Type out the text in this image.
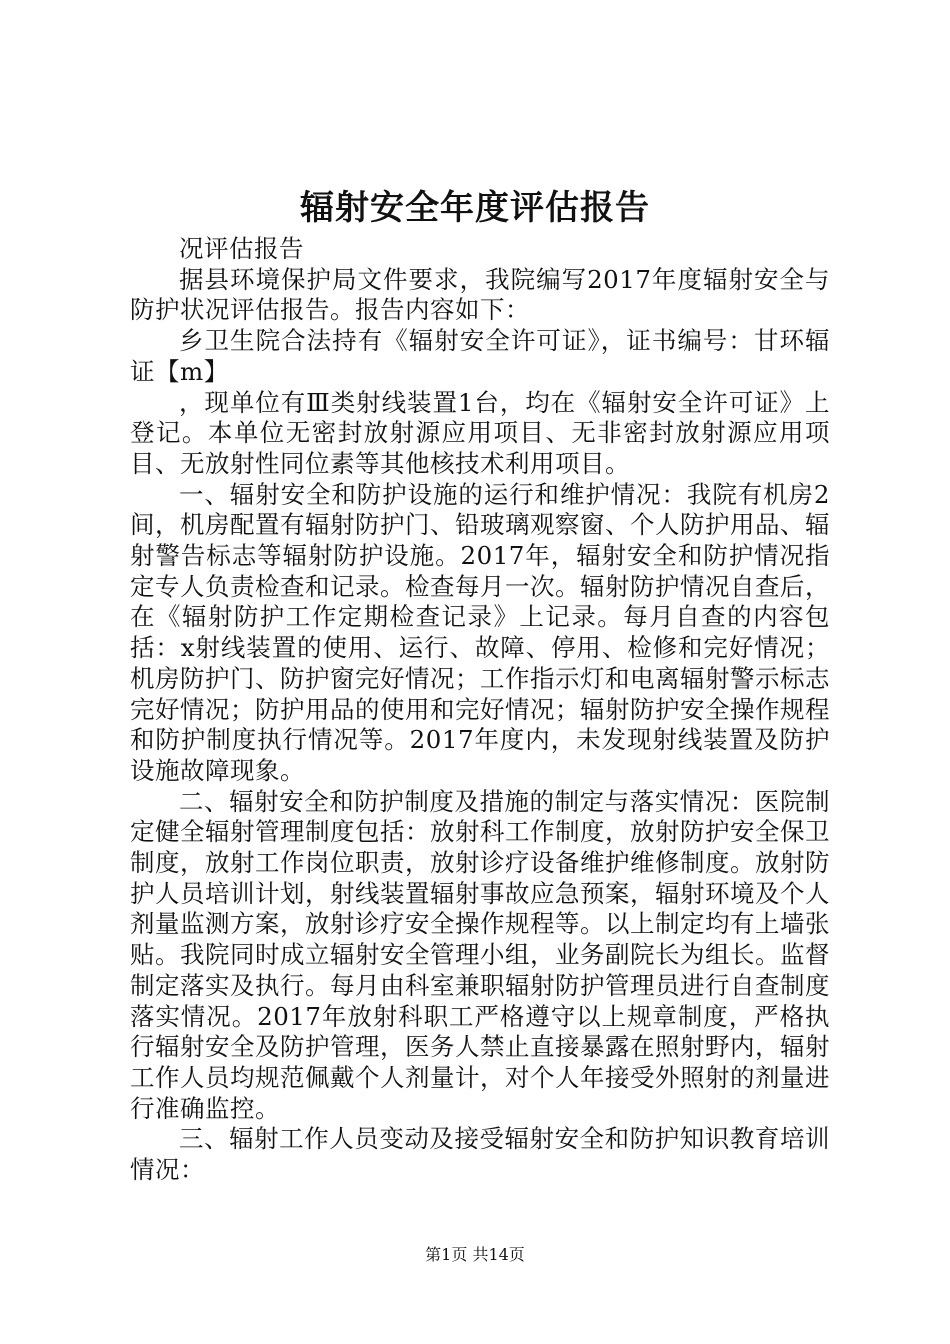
辐射安全年度评估报告

况评估报告

据县环境保护局文件要求，我院编写2017年度辐射安全与防护状况评估报告。报告内容如下：

乡卫生院合法持有《辐射安全许可证》，证书编号：甘环辐证【m】

，现单位有Ⅲ类射线装置1台，均在《辐射安全许可证》上登记。本单位无密封放射源应用项目、无非密封放射源应用项目、无放射性同位素等其他核技术利用项目。

一、辐射安全和防护设施的运行和维护情况：我院有机房2间，机房配置有辐射防护门、铅玻璃观察窗、个人防护用品、辐射警告标志等辐射防护设施。2017年，辐射安全和防护情况指定专人负责检查和记录。检查每月一次。辐射防护情况自查后，在《辐射防护工作定期检查记录》上记录。每月自查的内容包括：x射线装置的使用、运行、故障、停用、检修和完好情况；机房防护门、防护窗完好情况；工作指示灯和电离辐射警示标志完好情况；防护用品的使用和完好情况；辐射防护安全操作规程和防护制度执行情况等。2017年度内，未发现射线装置及防护设施故障现象。

二、辐射安全和防护制度及措施的制定与落实情况：医院制定健全辐射管理制度包括：放射科工作制度，放射防护安全保卫制度，放射工作岗位职责，放射诊疗设备维护维修制度。放射防护人员培训计划，射线装置辐射事故应急预案，辐射环境及个人剂量监测方案，放射诊疗安全操作规程等。以上制定均有上墙张贴。我院同时成立辐射安全管理小组，业务副院长为组长。监督制定落实及执行。每月由科室兼职辐射防护管理员进行自查制度落实情况。2017年放射科职工严格遵守以上规章制度，严格执行辐射安全及防护管理，医务人禁止直接暴露在照射野内，辐射工作人员均规范佩戴个人剂量计，对个人年接受外照射的剂量进行准确监控。

三、辐射工作人员变动及接受辐射安全和防护知识教育培训情况：

第1页 共14页
